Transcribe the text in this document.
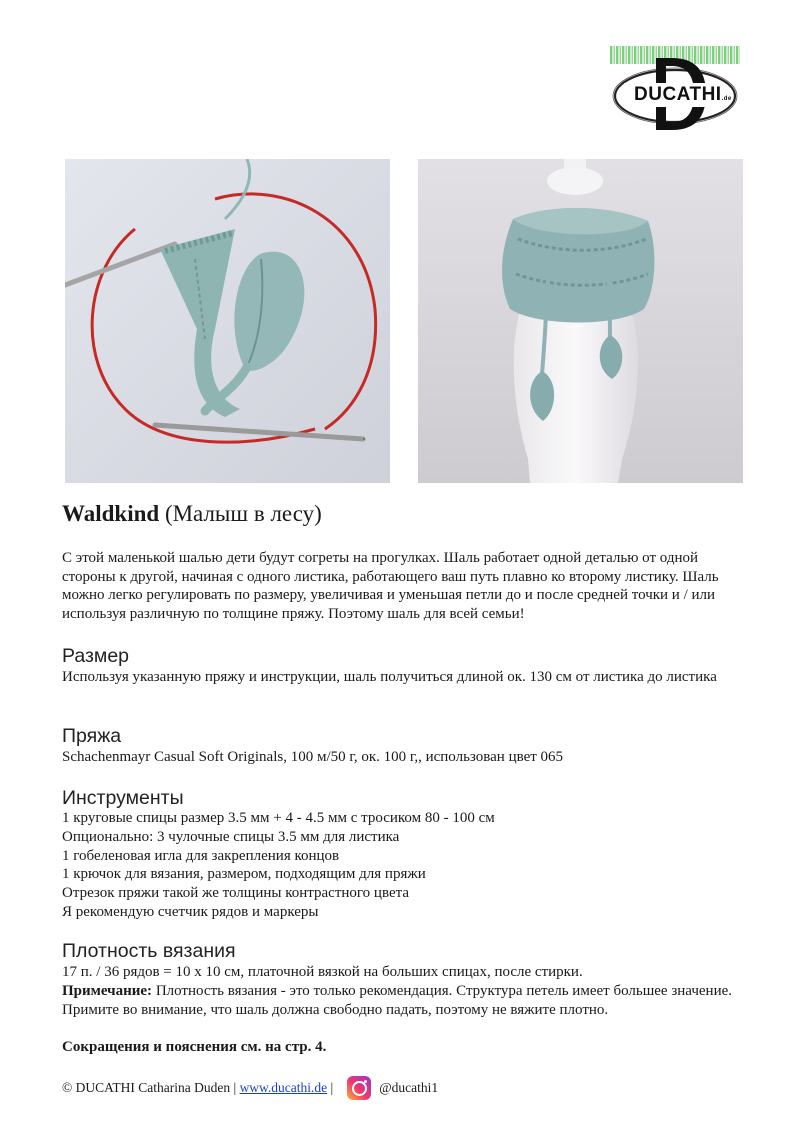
DUCATHI.de
Waldkind (Малыш в лесу)
С этой маленькой шалью дети будут согреты на прогулках. Шаль работает одной деталью от одной стороны к другой, начиная с одного листика, работающего ваш путь плавно ко второму листику. Шаль можно легко регулировать по размеру, увеличивая и уменьшая петли до и после средней точки и / или используя различную по толщине пряжу. Поэтому шаль для всей семьи!
Размер
Используя указанную пряжу и инструкции, шаль получиться длиной ок. 130 см от листика до листика
Пряжа
Schachenmayr Casual Soft Originals, 100 м/50 г, ок. 100 г,, использован цвет 065
Инструменты
1 круговые спицы размер 3.5 мм + 4 - 4.5 мм с тросиком 80 - 100 см
Опционально: 3 чулочные спицы 3.5 мм для листика
1 гобеленовая игла для закрепления концов
1 крючок для вязания, размером, подходящим для пряжи
Отрезок пряжи такой же толщины контрастного цвета
Я рекомендую счетчик рядов и маркеры
Плотность вязания
17 п. / 36 рядов = 10 x 10 см, платочной вязкой на больших спицах, после стирки.
Примечание: Плотность вязания - это только рекомендация. Структура петель имеет большее значение. Примите во внимание, что шаль должна свободно падать, поэтому не вяжите плотно.
Сокращения и пояснения см. на стр. 4.
© DUCATHI Catharina Duden |
www.ducathi.de
|	@ducathi1
